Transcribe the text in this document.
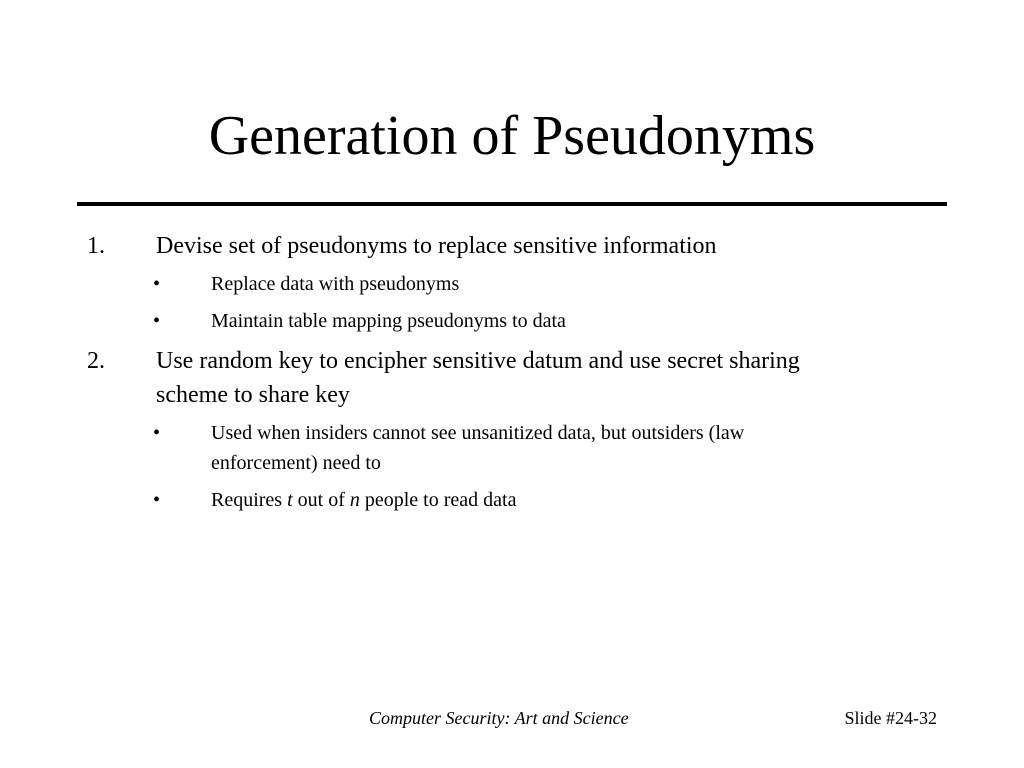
Generation of Pseudonyms
1. Devise set of pseudonyms to replace sensitive information
•	Replace data with pseudonyms
•	Maintain table mapping pseudonyms to data
2. Use random key to encipher sensitive datum and use secret sharing
scheme to share key
•	Used when insiders cannot see unsanitized data, but outsiders (law
enforcement) need to
•	Requires t out of n people to read data
Computer Security: Art and Science	Slide #24-32
